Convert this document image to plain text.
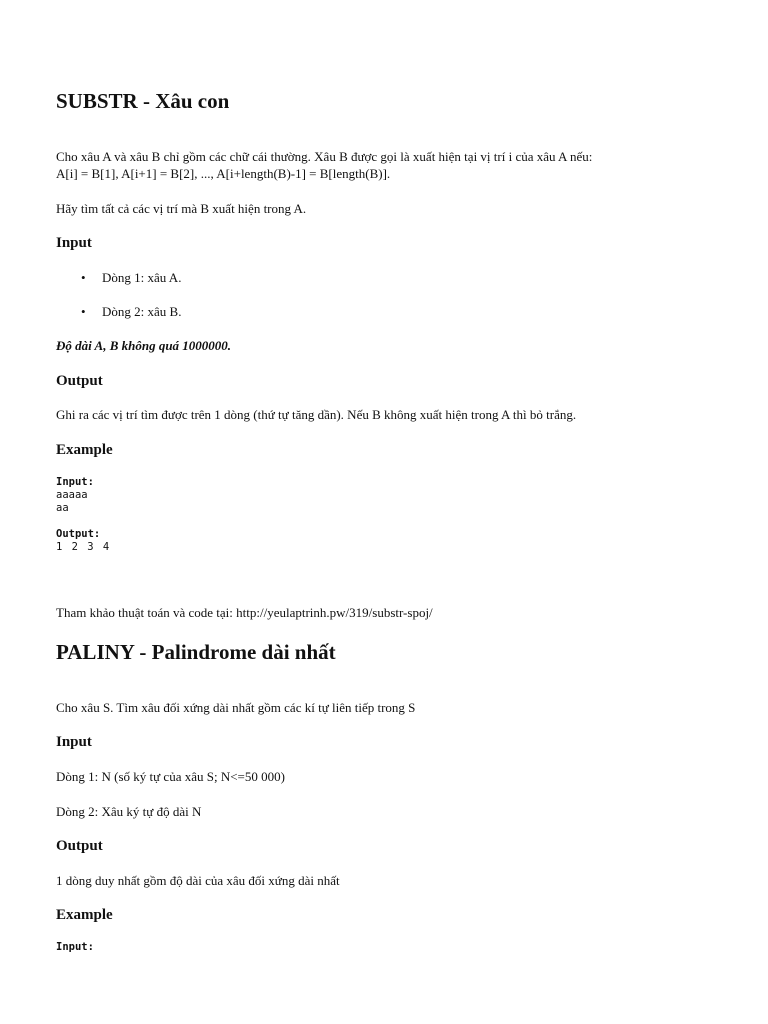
SUBSTR - Xâu con

Cho xâu A và xâu B chỉ gồm các chữ cái thường. Xâu B được gọi là xuất hiện tại vị trí i của xâu A nếu:

A[i] = B[1], A[i+1] = B[2], ..., A[i+length(B)-1] = B[length(B)].

Hãy tìm tất cả các vị trí mà B xuất hiện trong A.

Input
• Dòng 1: xâu A.
• Dòng 2: xâu B.

Độ dài A, B không quá 1000000.

Output

Ghi ra các vị trí tìm được trên 1 dòng (thứ tự tăng dần). Nếu B không xuất hiện trong A thì bỏ trắng.

Example
Input:
aaaaa
aa
Output:
1 2 3 4

Tham khảo thuật toán và code tại: http://yeulaptrinh.pw/319/substr-spoj/

PALINY - Palindrome dài nhất

Cho xâu S. Tìm xâu đối xứng dài nhất gồm các kí tự liên tiếp trong S

Input

Dòng 1: N (số ký tự của xâu S; N<=50 000)

Dòng 2: Xâu ký tự độ dài N

Output

1 dòng duy nhất gồm độ dài của xâu đối xứng dài nhất

Example
Input:
